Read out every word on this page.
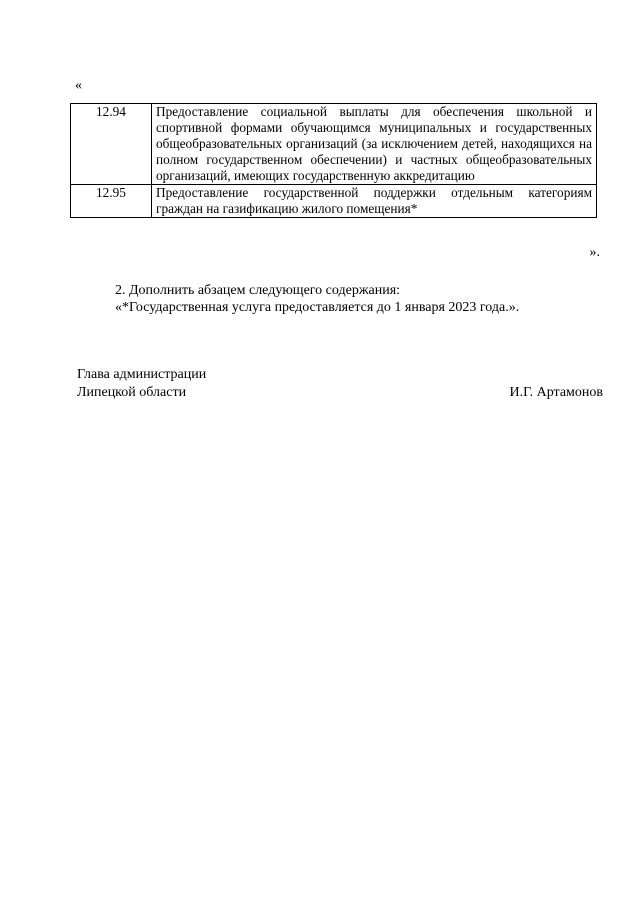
«
12.94	Предоставление социальной выплаты для обеспечения школьной и спортивной формами обучающимся муниципальных и государственных общеобразовательных организаций (за исключением детей, находящихся на полном государственном обеспечении) и частных общеобразовательных организаций, имеющих государственную аккредитацию
12.95	Предоставление государственной поддержки отдельным категориям граждан на газификацию жилого помещения*
».
2. Дополнить абзацем следующего содержания:
«*Государственная услуга предоставляется до 1 января 2023 года.».
Глава администрации
Липецкой области	И.Г. Артамонов
